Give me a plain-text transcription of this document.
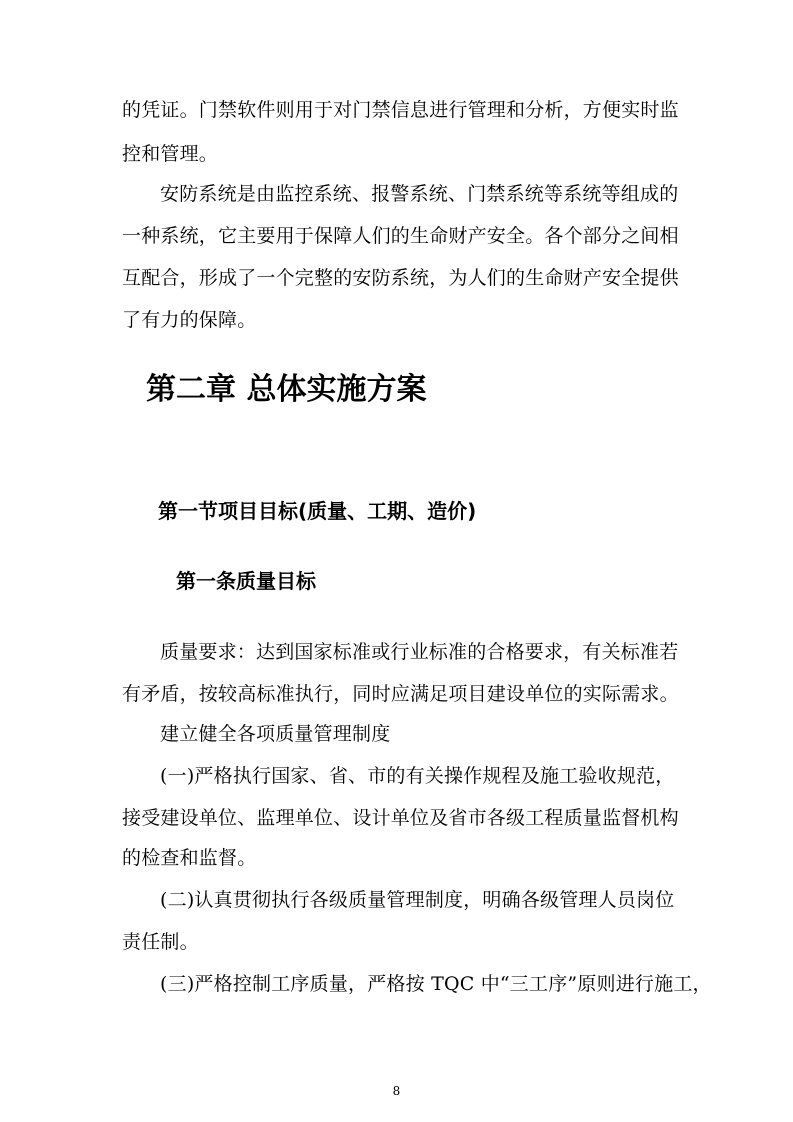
的凭证。门禁软件则用于对门禁信息进行管理和分析，方便实时监
控和管理。
安防系统是由监控系统、报警系统、门禁系统等系统等组成的
一种系统，它主要用于保障人们的生命财产安全。各个部分之间相
互配合，形成了一个完整的安防系统，为人们的生命财产安全提供
了有力的保障。
第二章 总体实施方案
第一节项目目标(质量、工期、造价)
第一条质量目标
质量要求：达到国家标准或行业标准的合格要求，有关标准若
有矛盾，按较高标准执行，同时应满足项目建设单位的实际需求。
建立健全各项质量管理制度
(一)严格执行国家、省、市的有关操作规程及施工验收规范，
接受建设单位、监理单位、设计单位及省市各级工程质量监督机构
的检查和监督。
(二)认真贯彻执行各级质量管理制度，明确各级管理人员岗位
责任制。
(三)严格控制工序质量，严格按 TQC 中“三工序”原则进行施工，
8
